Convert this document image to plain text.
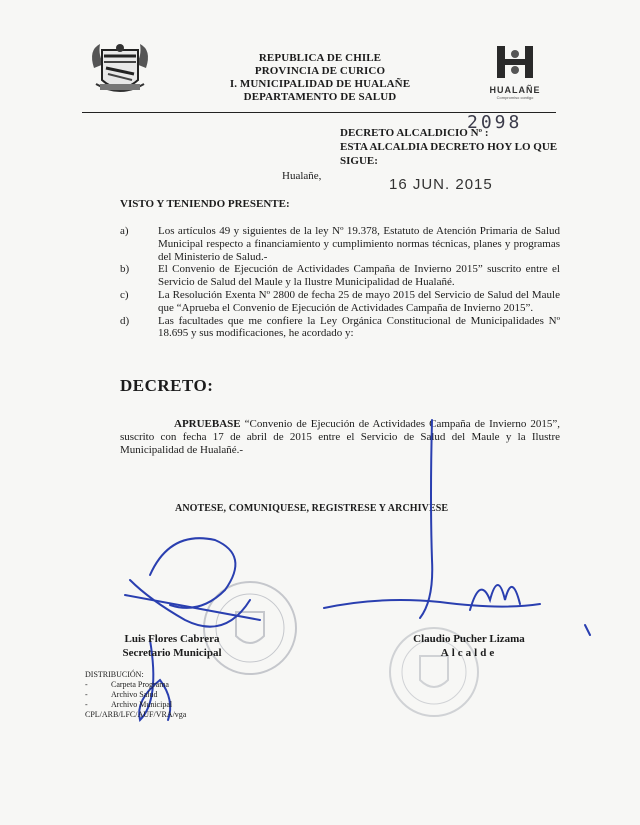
REPUBLICA DE CHILE
PROVINCIA DE CURICO
I. MUNICIPALIDAD DE HUALAÑE
DEPARTAMENTO DE SALUD
HUALAÑE
Compromiso contigo
DECRETO ALCALDICIO Nº :
ESTA ALCALDIA DECRETO HOY LO QUE SIGUE:
2098
Hualañe,	16 JUN. 2015
VISTO Y TENIENDO PRESENTE:
a)	Los artículos 49 y siguientes de la ley Nº 19.378, Estatuto de Atención Primaria de Salud Municipal respecto a financiamiento y cumplimiento normas técnicas, planes y programas del Ministerio de Salud.-
b)	El Convenio de Ejecución de Actividades Campaña de Invierno 2015” suscrito entre el Servicio de Salud del Maule y la Ilustre Municipalidad de Hualañé.
c)	La Resolución Exenta Nº 2800 de fecha 25 de mayo 2015 del Servicio de Salud del Maule que “Aprueba el Convenio de Ejecución de Actividades Campaña de Invierno 2015”.
d)	Las facultades que me confiere la Ley Orgánica Constitucional de Municipalidades Nº 18.695 y sus modificaciones, he acordado y:
DECRETO:
APRUEBASE “Convenio de Ejecución de Actividades Campaña de Invierno 2015”, suscrito con fecha 17 de abril de 2015 entre el Servicio de Salud del Maule y la Ilustre Municipalidad de Hualañé.-
ANOTESE, COMUNIQUESE, REGISTRESE Y ARCHIVESE
Luis Flores Cabrera
Secretario Municipal
Claudio Pucher Lizama
Alcalde
DISTRIBUCIÓN:
-	Carpeta Programa
-	Archivo Salud
-	Archivo Municipal
CPL/ARB/LFC/AUF/VRA/vga
